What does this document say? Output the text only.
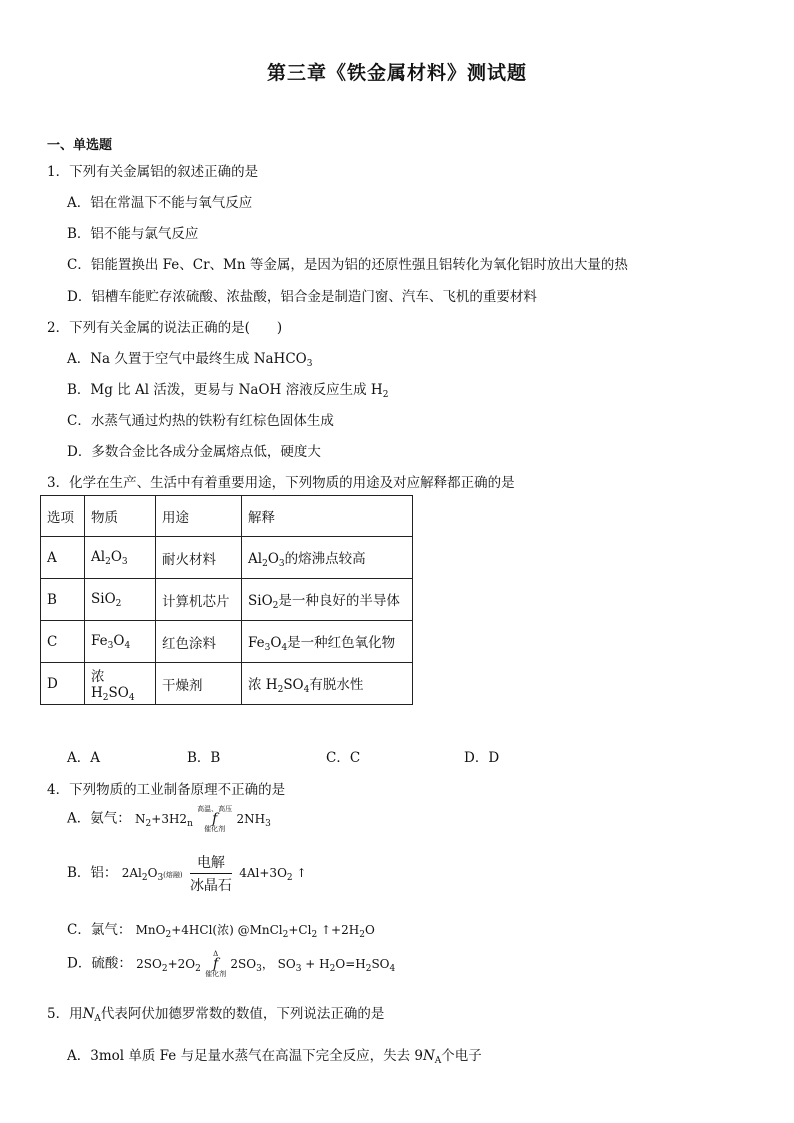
第三章《铁金属材料》测试题
一、单选题
1．下列有关金属铝的叙述正确的是
A．铝在常温下不能与氧气反应
B．铝不能与氯气反应
C．铝能置换出 Fe、Cr、Mn 等金属，是因为铝的还原性强且铝转化为氧化铝时放出大量的热
D．铝槽车能贮存浓硫酸、浓盐酸，铝合金是制造门窗、汽车、飞机的重要材料
2．下列有关金属的说法正确的是(　　)
A．Na 久置于空气中最终生成 NaHCO$_3$
B．Mg 比 Al 活泼，更易与 NaOH 溶液反应生成 $H_2$
C．水蒸气通过灼热的铁粉有红棕色固体生成
D．多数合金比各成分金属熔点低，硬度大
3．化学在生产、生活中有着重要用途，下列物质的用途及对应解释都正确的是
选项	物质	用途	解释
A	$Al_2O_3$	耐火材料	$Al_2O_3$的熔沸点较高
B	SiO$_2$	计算机芯片	SiO$_2$是一种良好的半导体
C	$Fe_3O_4$	红色涂料	$Fe_3O_4$是一种红色氧化物
D	浓 $H_2SO_4$	干燥剂	浓 $H_2SO_4$有脱水性
A．A	B．B	C．C	D．D
4．下列物质的工业制备原理不正确的是
A．氨气： $N_2+3H2_n$
高温、高压
f
催化剂
$2NH_3$
B．铝： $2Al_2O_3$(熔融) $\frac{\text{电解}}{\text{冰晶石}} 4Al+3O_2$ ↑
C．氯气： MnO$_2$+4HCl(浓) $@MnCl_2+Cl_2$ $↑+2H_2O$
D．硫酸： $2SO_2+2O_2$
Δ
f
催化剂
$2SO_3$， $SO_3 + H_2O=H_2SO_4$
5．用$N_A$代表阿伏加德罗常数的数值，下列说法正确的是
A．3mol 单质 Fe 与足量水蒸气在高温下完全反应，失去 $9N_A$个电子
